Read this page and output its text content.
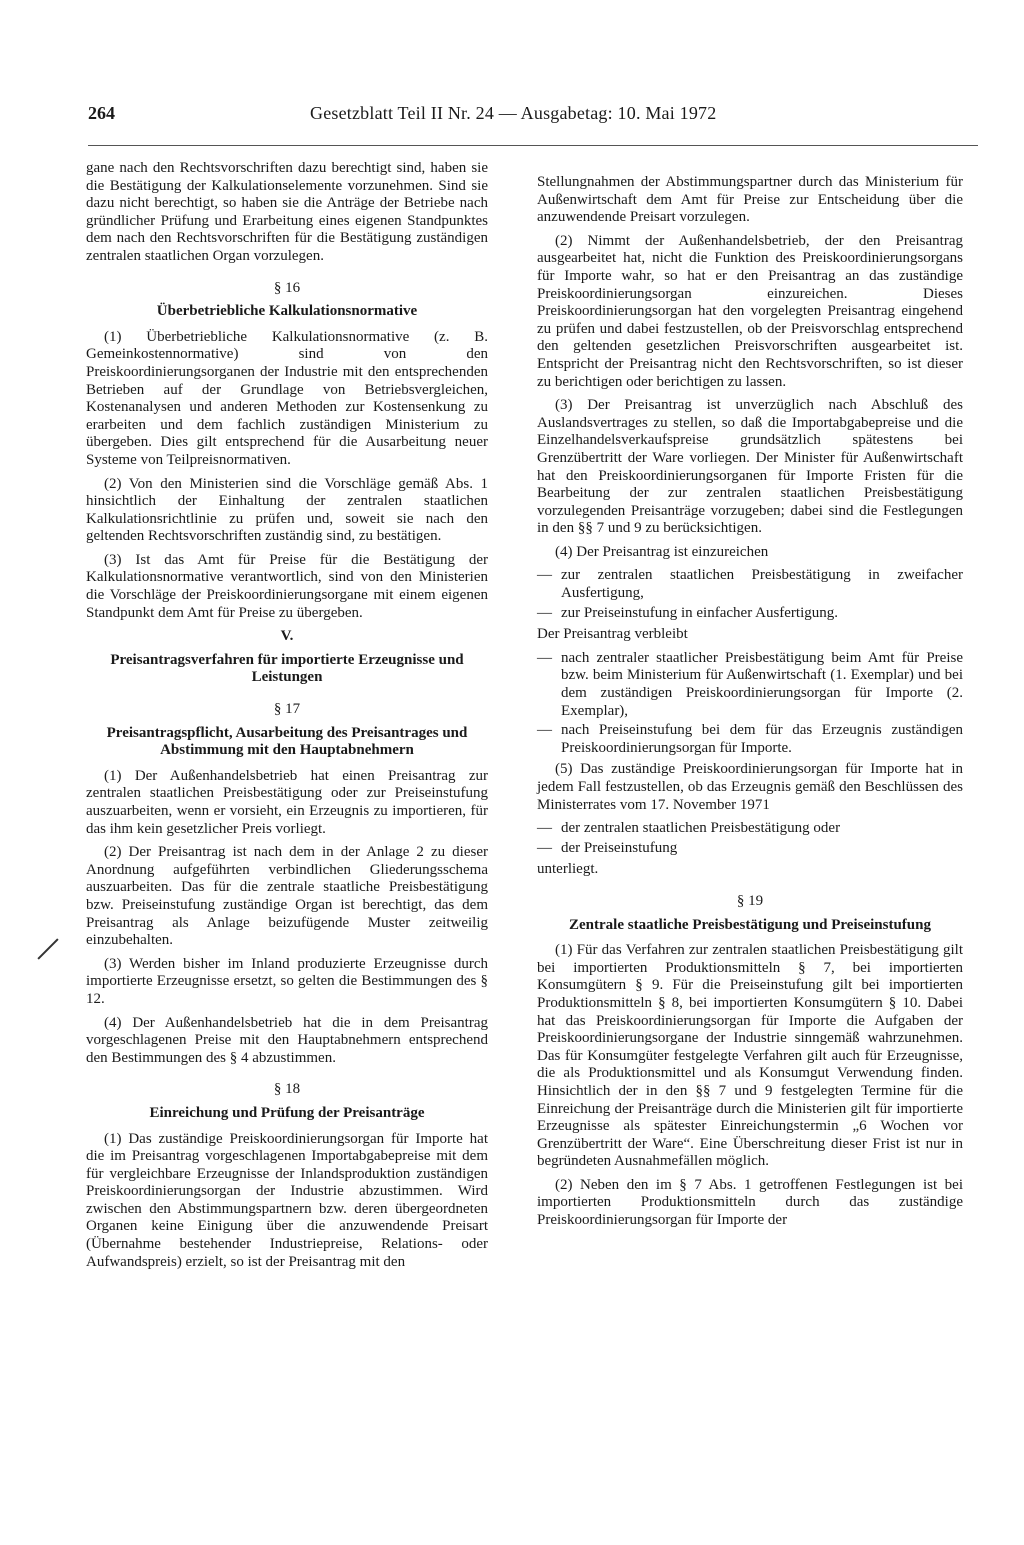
264	Gesetzblatt Teil II Nr. 24 — Ausgabetag: 10. Mai 1972

gane nach den Rechtsvorschriften dazu berechtigt sind, haben sie die Bestätigung der Kalkulationselemente vorzunehmen. Sind sie dazu nicht berechtigt, so haben sie die Anträge der Betriebe nach gründlicher Prüfung und Erarbeitung eines eigenen Standpunktes dem nach den Rechtsvorschriften für die Bestätigung zuständigen zentralen staatlichen Organ vorzulegen.

§ 16

Überbetriebliche Kalkulationsnormative

(1) Überbetriebliche Kalkulationsnormative (z. B. Gemeinkostennormative) sind von den Preiskoordinierungsorganen der Industrie mit den entsprechenden Betrieben auf der Grundlage von Betriebsvergleichen, Kostenanalysen und anderen Methoden zur Kostensenkung zu erarbeiten und dem fachlich zuständigen Ministerium zu übergeben. Dies gilt entsprechend für die Ausarbeitung neuer Systeme von Teilpreisnormativen.

(2) Von den Ministerien sind die Vorschläge gemäß Abs. 1 hinsichtlich der Einhaltung der zentralen staatlichen Kalkulationsrichtlinie zu prüfen und, soweit sie nach den geltenden Rechtsvorschriften zuständig sind, zu bestätigen.

(3) Ist das Amt für Preise für die Bestätigung der Kalkulationsnormative verantwortlich, sind von den Ministerien die Vorschläge der Preiskoordinierungsorgane mit einem eigenen Standpunkt dem Amt für Preise zu übergeben.

V.

Preisantragsverfahren für importierte Erzeugnisse und Leistungen

§ 17

Preisantragspflicht, Ausarbeitung des Preisantrages und Abstimmung mit den Hauptabnehmern

(1) Der Außenhandelsbetrieb hat einen Preisantrag zur zentralen staatlichen Preisbestätigung oder zur Preiseinstufung auszuarbeiten, wenn er vorsieht, ein Erzeugnis zu importieren, für das ihm kein gesetzlicher Preis vorliegt.

(2) Der Preisantrag ist nach dem in der Anlage 2 zu dieser Anordnung aufgeführten verbindlichen Gliederungsschema auszuarbeiten. Das für die zentrale staatliche Preisbestätigung bzw. Preiseinstufung zuständige Organ ist berechtigt, das dem Preisantrag als Anlage beizufügende Muster zeitweilig einzubehalten.

(3) Werden bisher im Inland produzierte Erzeugnisse durch importierte Erzeugnisse ersetzt, so gelten die Bestimmungen des § 12.

(4) Der Außenhandelsbetrieb hat die in dem Preisantrag vorgeschlagenen Preise mit den Hauptabnehmern entsprechend den Bestimmungen des § 4 abzustimmen.

§ 18

Einreichung und Prüfung der Preisanträge

(1) Das zuständige Preiskoordinierungsorgan für Importe hat die im Preisantrag vorgeschlagenen Importabgabepreise mit dem für vergleichbare Erzeugnisse der Inlandsproduktion zuständigen Preiskoordinierungsorgan der Industrie abzustimmen. Wird zwischen den Abstimmungspartnern bzw. deren übergeordneten Organen keine Einigung über die anzuwendende Preisart (Übernahme bestehender Industriepreise, Relations- oder Aufwandspreis) erzielt, so ist der Preisantrag mit den

Stellungnahmen der Abstimmungspartner durch das Ministerium für Außenwirtschaft dem Amt für Preise zur Entscheidung über die anzuwendende Preisart vorzulegen.

(2) Nimmt der Außenhandelsbetrieb, der den Preisantrag ausgearbeitet hat, nicht die Funktion des Preiskoordinierungsorgans für Importe wahr, so hat er den Preisantrag an das zuständige Preiskoordinierungsorgan einzureichen. Dieses Preiskoordinierungsorgan hat den vorgelegten Preisantrag eingehend zu prüfen und dabei festzustellen, ob der Preisvorschlag entsprechend den geltenden gesetzlichen Preisvorschriften ausgearbeitet ist. Entspricht der Preisantrag nicht den Rechtsvorschriften, so ist dieser zu berichtigen oder berichtigen zu lassen.

(3) Der Preisantrag ist unverzüglich nach Abschluß des Auslandsvertrages zu stellen, so daß die Importabgabepreise und die Einzelhandelsverkaufspreise grundsätzlich spätestens bei Grenzübertritt der Ware vorliegen. Der Minister für Außenwirtschaft hat den Preiskoordinierungsorganen für Importe Fristen für die Bearbeitung der zur zentralen staatlichen Preisbestätigung vorzulegenden Preisanträge vorzugeben; dabei sind die Festlegungen in den §§ 7 und 9 zu berücksichtigen.

(4) Der Preisantrag ist einzureichen

— zur zentralen staatlichen Preisbestätigung in zweifacher Ausfertigung,
— zur Preiseinstufung in einfacher Ausfertigung.

Der Preisantrag verbleibt

— nach zentraler staatlicher Preisbestätigung beim Amt für Preise bzw. beim Ministerium für Außenwirtschaft (1. Exemplar) und bei dem zuständigen Preiskoordinierungsorgan für Importe (2. Exemplar),
— nach Preiseinstufung bei dem für das Erzeugnis zuständigen Preiskoordinierungsorgan für Importe.

(5) Das zuständige Preiskoordinierungsorgan für Importe hat in jedem Fall festzustellen, ob das Erzeugnis gemäß den Beschlüssen des Ministerrates vom 17. November 1971

— der zentralen staatlichen Preisbestätigung oder
— der Preiseinstufung

unterliegt.

§ 19

Zentrale staatliche Preisbestätigung und Preiseinstufung

(1) Für das Verfahren zur zentralen staatlichen Preisbestätigung gilt bei importierten Produktionsmitteln § 7, bei importierten Konsumgütern § 9. Für die Preiseinstufung gilt bei importierten Produktionsmitteln § 8, bei importierten Konsumgütern § 10. Dabei hat das Preiskoordinierungsorgan für Importe die Aufgaben der Preiskoordinierungsorgane der Industrie sinngemäß wahrzunehmen. Das für Konsumgüter festgelegte Verfahren gilt auch für Erzeugnisse, die als Produktionsmittel und als Konsumgut Verwendung finden. Hinsichtlich der in den §§ 7 und 9 festgelegten Termine für die Einreichung der Preisanträge durch die Ministerien gilt für importierte Erzeugnisse als spätester Einreichungstermin „6 Wochen vor Grenzübertritt der Ware“. Eine Überschreitung dieser Frist ist nur in begründeten Ausnahmefällen möglich.

(2) Neben den im § 7 Abs. 1 getroffenen Festlegungen ist bei importierten Produktionsmitteln durch das zuständige Preiskoordinierungsorgan für Importe der
